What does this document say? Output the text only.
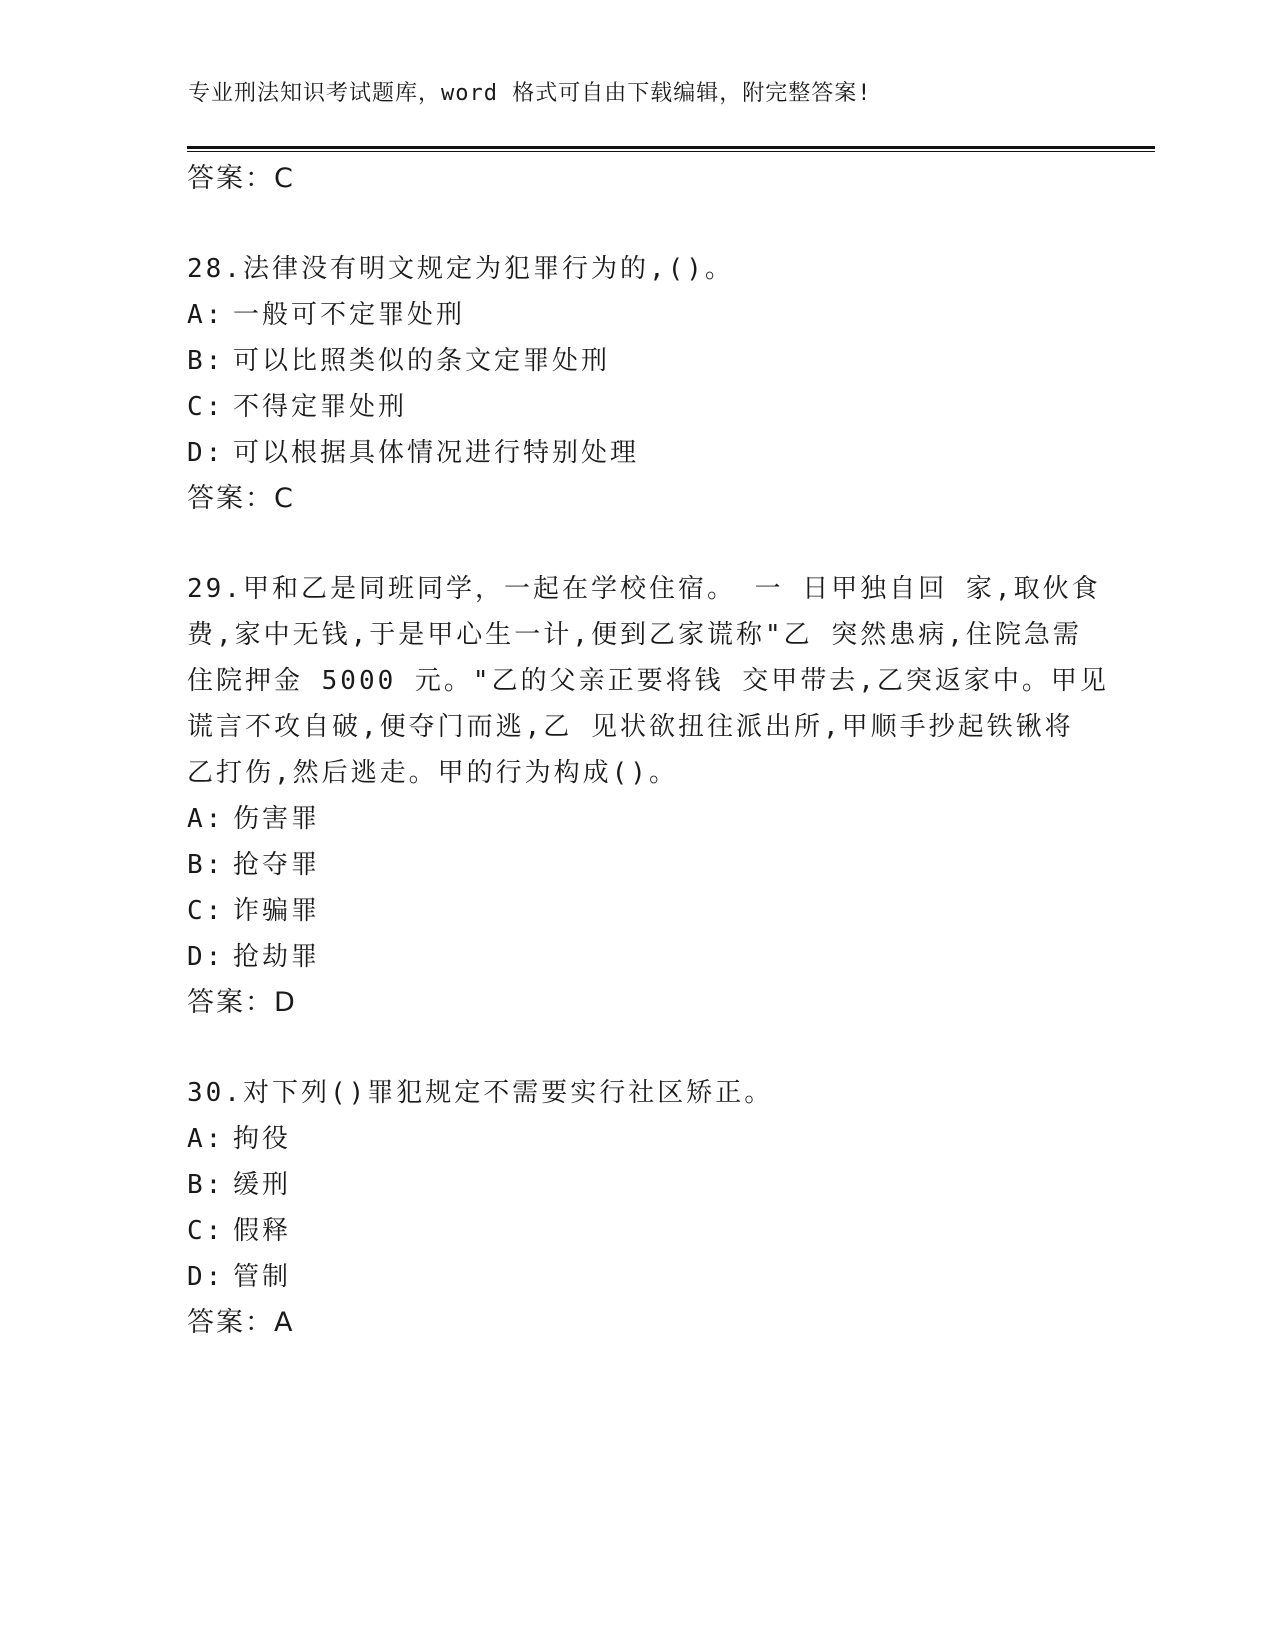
专业刑法知识考试题库，word 格式可自由下载编辑，附完整答案!
答案：C
28.法律没有明文规定为犯罪行为的,()。
A: 一般可不定罪处刑
B: 可以比照类似的条文定罪处刑
C: 不得定罪处刑
D: 可以根据具体情况进行特别处理
答案：C
29.甲和乙是同班同学，一起在学校住宿。 一 日甲独自回 家,取伙食
费,家中无钱,于是甲心生一计,便到乙家谎称"乙 突然患病,住院急需
住院押金 5000 元。"乙的父亲正要将钱 交甲带去,乙突返家中。甲见
谎言不攻自破,便夺门而逃,乙 见状欲扭往派出所,甲顺手抄起铁锹将
乙打伤,然后逃走。甲的行为构成()。
A: 伤害罪
B: 抢夺罪
C: 诈骗罪
D: 抢劫罪
答案：D
30.对下列()罪犯规定不需要实行社区矫正。
A: 拘役
B: 缓刑
C: 假释
D: 管制
答案：A
